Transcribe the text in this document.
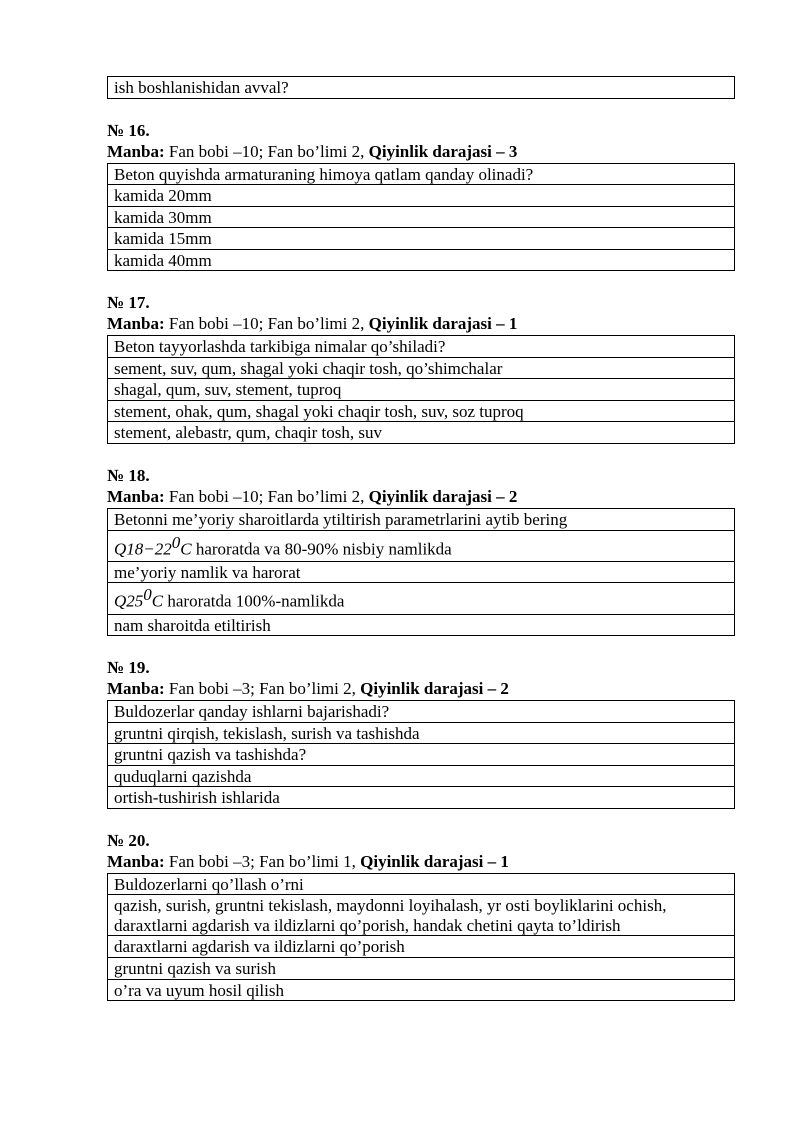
ish boshlanishidan avval?
№ 16.
Manba: Fan bobi –10; Fan bo’limi 2, Qiyinlik darajasi – 3
Beton quyishda armaturaning himoya qatlam qanday olinadi?
kamida 20mm
kamida 30mm
kamida 15mm
kamida 40mm
№ 17.
Manba: Fan bobi –10; Fan bo’limi 2, Qiyinlik darajasi – 1
Beton tayyorlashda tarkibiga nimalar qo’shiladi?
sement, suv, qum, shagal yoki chaqir tosh, qo’shimchalar
shagal, qum, suv, stement, tuproq
stement, ohak, qum, shagal yoki chaqir tosh, suv, soz tuproq
stement, alebastr, qum, chaqir tosh, suv
№ 18.
Manba: Fan bobi –10; Fan bo’limi 2, Qiyinlik darajasi – 2
Betonni me’yoriy sharoitlarda ytiltirish parametrlarini aytib bering
$Q18-22^0C$ haroratda va 80-90% nisbiy namlikda
me’yoriy namlik va harorat
$Q25^0C$ haroratda 100%-namlikda
nam sharoitda etiltirish
№ 19.
Manba: Fan bobi –3; Fan bo’limi 2, Qiyinlik darajasi – 2
Buldozerlar qanday ishlarni bajarishadi?
gruntni qirqish, tekislash, surish va tashishda
gruntni qazish va tashishda?
quduqlarni qazishda
ortish-tushirish ishlarida
№ 20.
Manba: Fan bobi –3; Fan bo’limi 1, Qiyinlik darajasi – 1
Buldozerlarni qo’llash o’rni
qazish, surish, gruntni tekislash, maydonni loyihalash, yr osti boyliklarini ochish, daraxtlarni agdarish va ildizlarni qo’porish, handak chetini qayta to’ldirish
daraxtlarni agdarish va ildizlarni qo’porish
gruntni qazish va surish
o’ra va uyum hosil qilish
